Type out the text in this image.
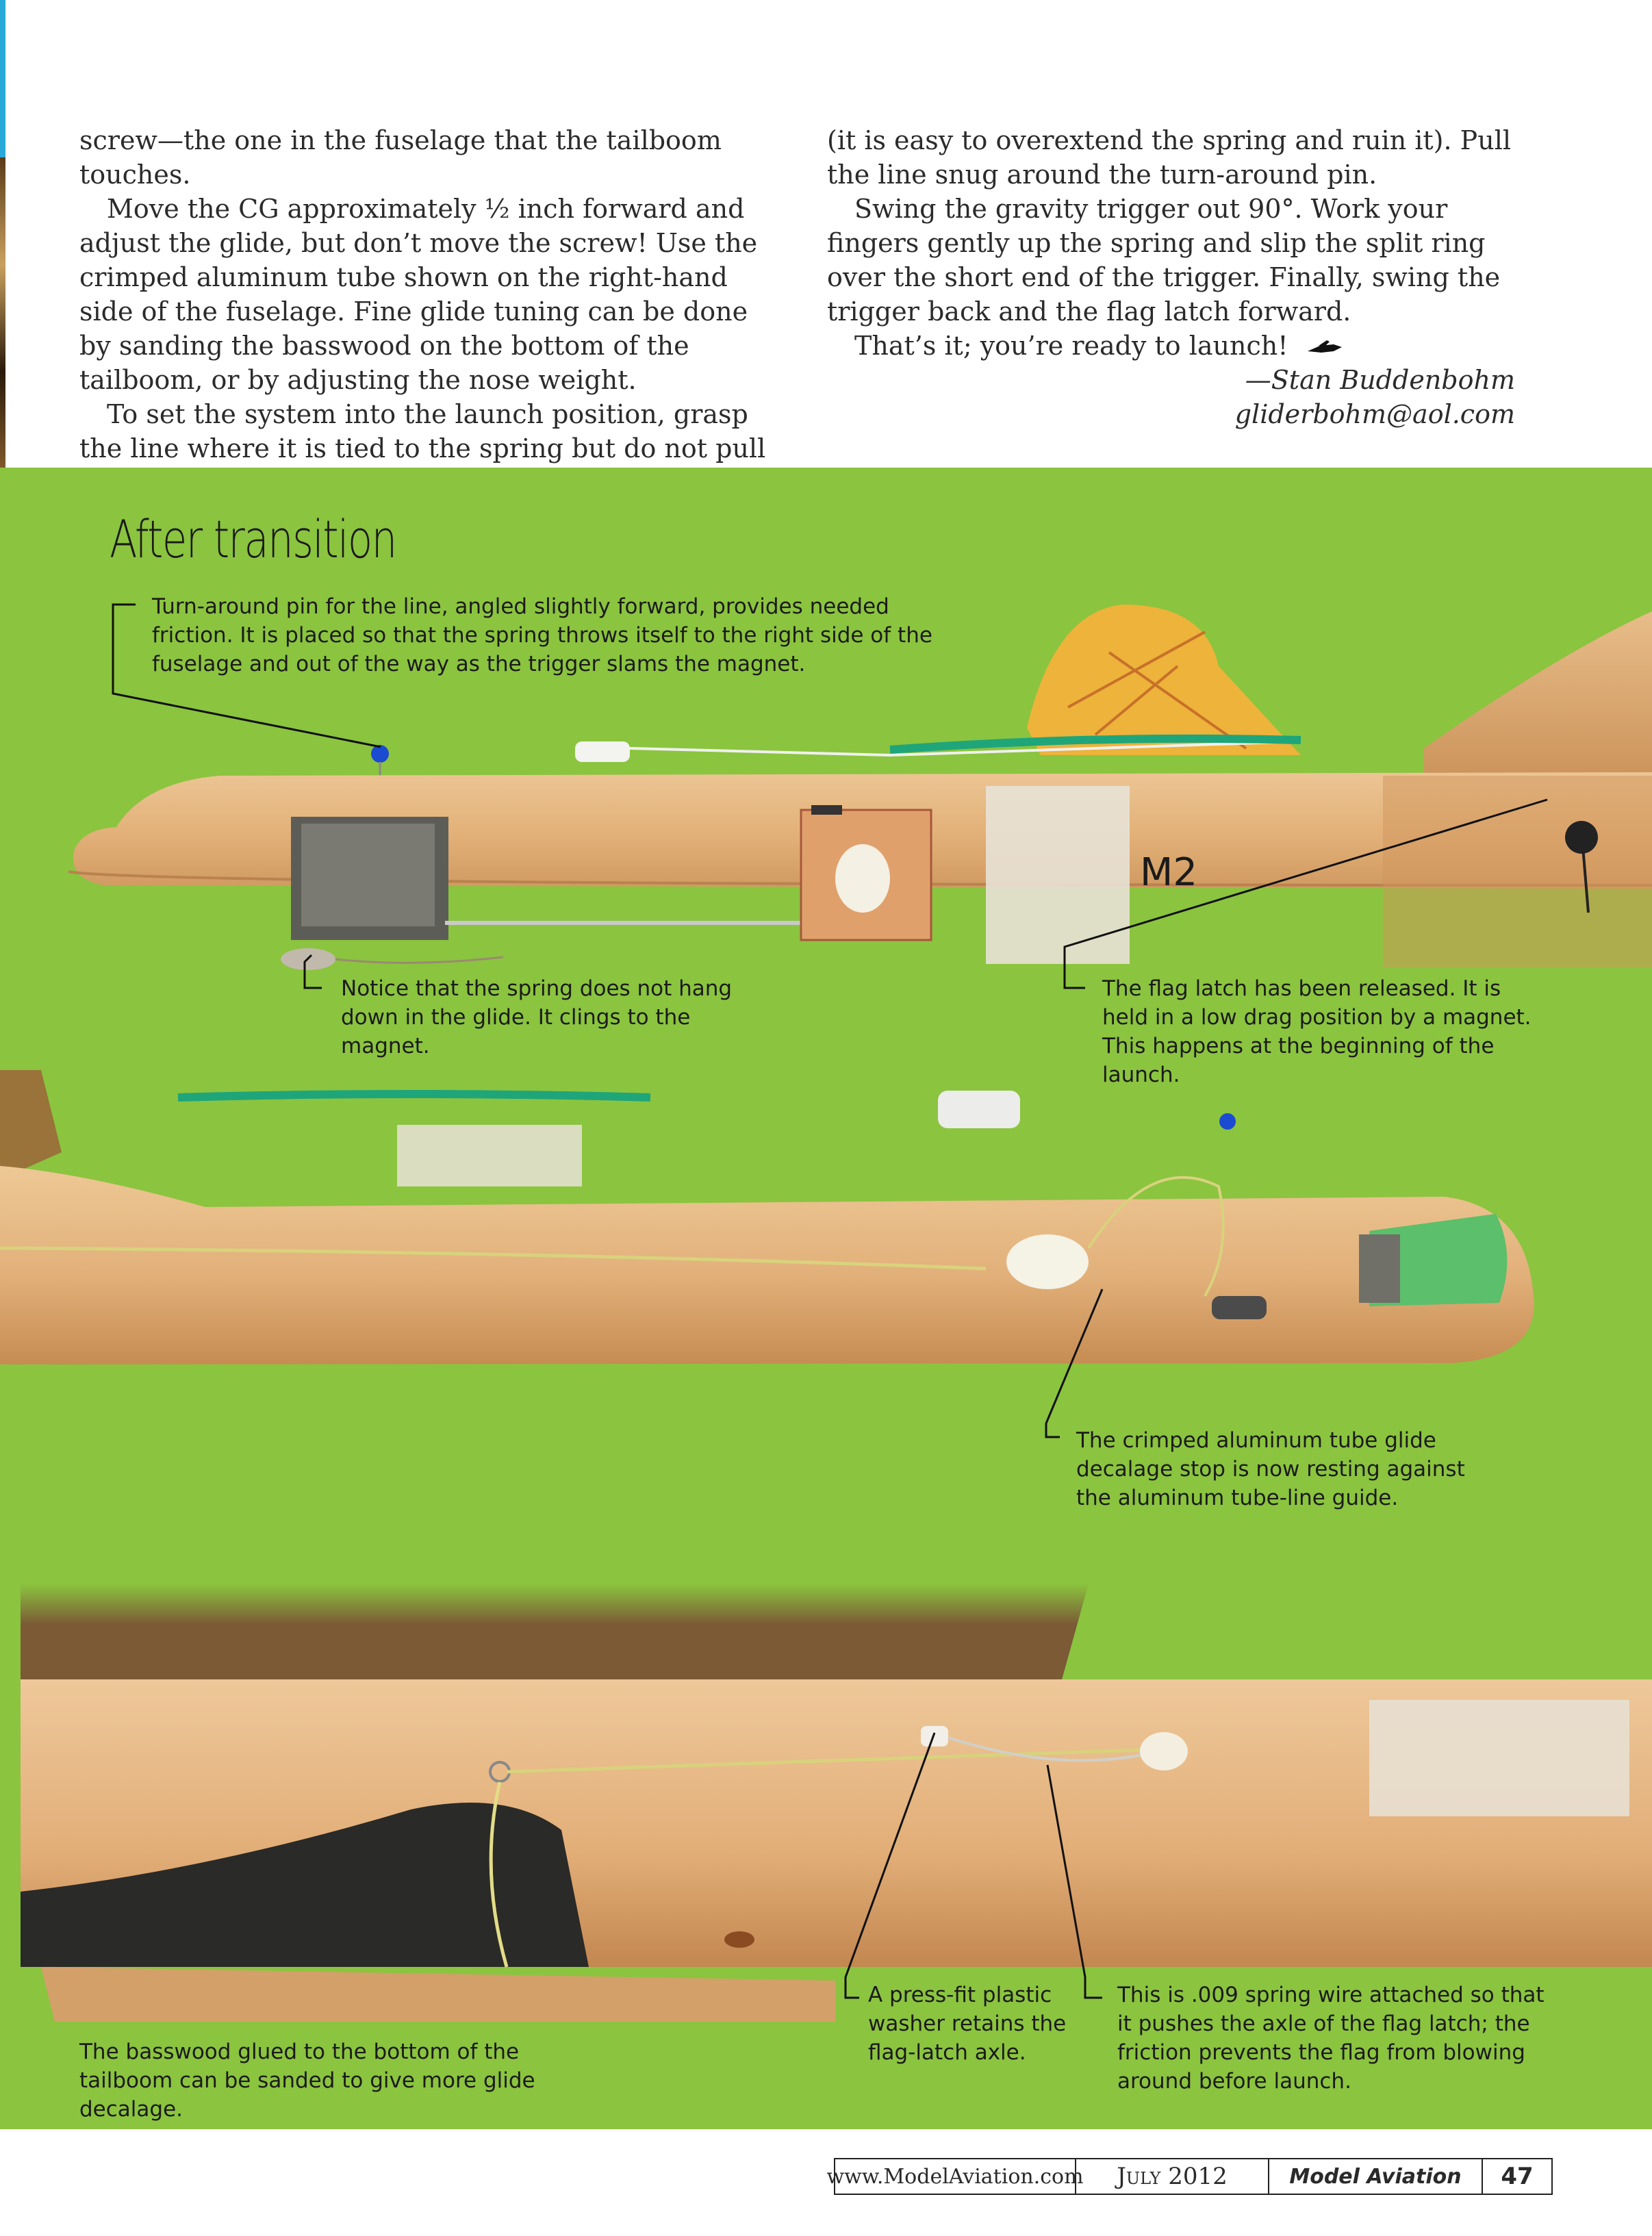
screw—the one in the fuselage that the tailboom touches.

Move the CG approximately ½ inch forward and adjust the glide, but don’t move the screw! Use the crimped aluminum tube shown on the right-hand side of the fuselage. Fine glide tuning can be done by sanding the basswood on the bottom of the tailboom, or by adjusting the nose weight.

To set the system into the launch position, grasp the line where it is tied to the spring but do not pull

(it is easy to overextend the spring and ruin it). Pull the line snug around the turn-around pin.

Swing the gravity trigger out 90°. Work your fingers gently up the spring and slip the split ring over the short end of the trigger. Finally, swing the trigger back and the flag latch forward.

That’s it; you’re ready to launch!

—Stan Buddenbohm

gliderbohm@aol.com

After transition
M2
Turn-around pin for the line, angled slightly forward, provides needed friction. It is placed so that the spring throws itself to the right side of the fuselage and out of the way as the trigger slams the magnet.
Notice that the spring does not hang down in the glide. It clings to the magnet.
The flag latch has been released. It is held in a low drag position by a magnet. This happens at the beginning of the launch.
The crimped aluminum tube glide decalage stop is now resting against the aluminum tube-line guide.
A press-fit plastic washer retains the flag-latch axle.
This is .009 spring wire attached so that it pushes the axle of the flag latch; the friction prevents the flag from blowing around before launch.
The basswood glued to the bottom of the tailboom can be sanded to give more glide decalage.
www.ModelAviation.com	July 2012	Model Aviation	47
